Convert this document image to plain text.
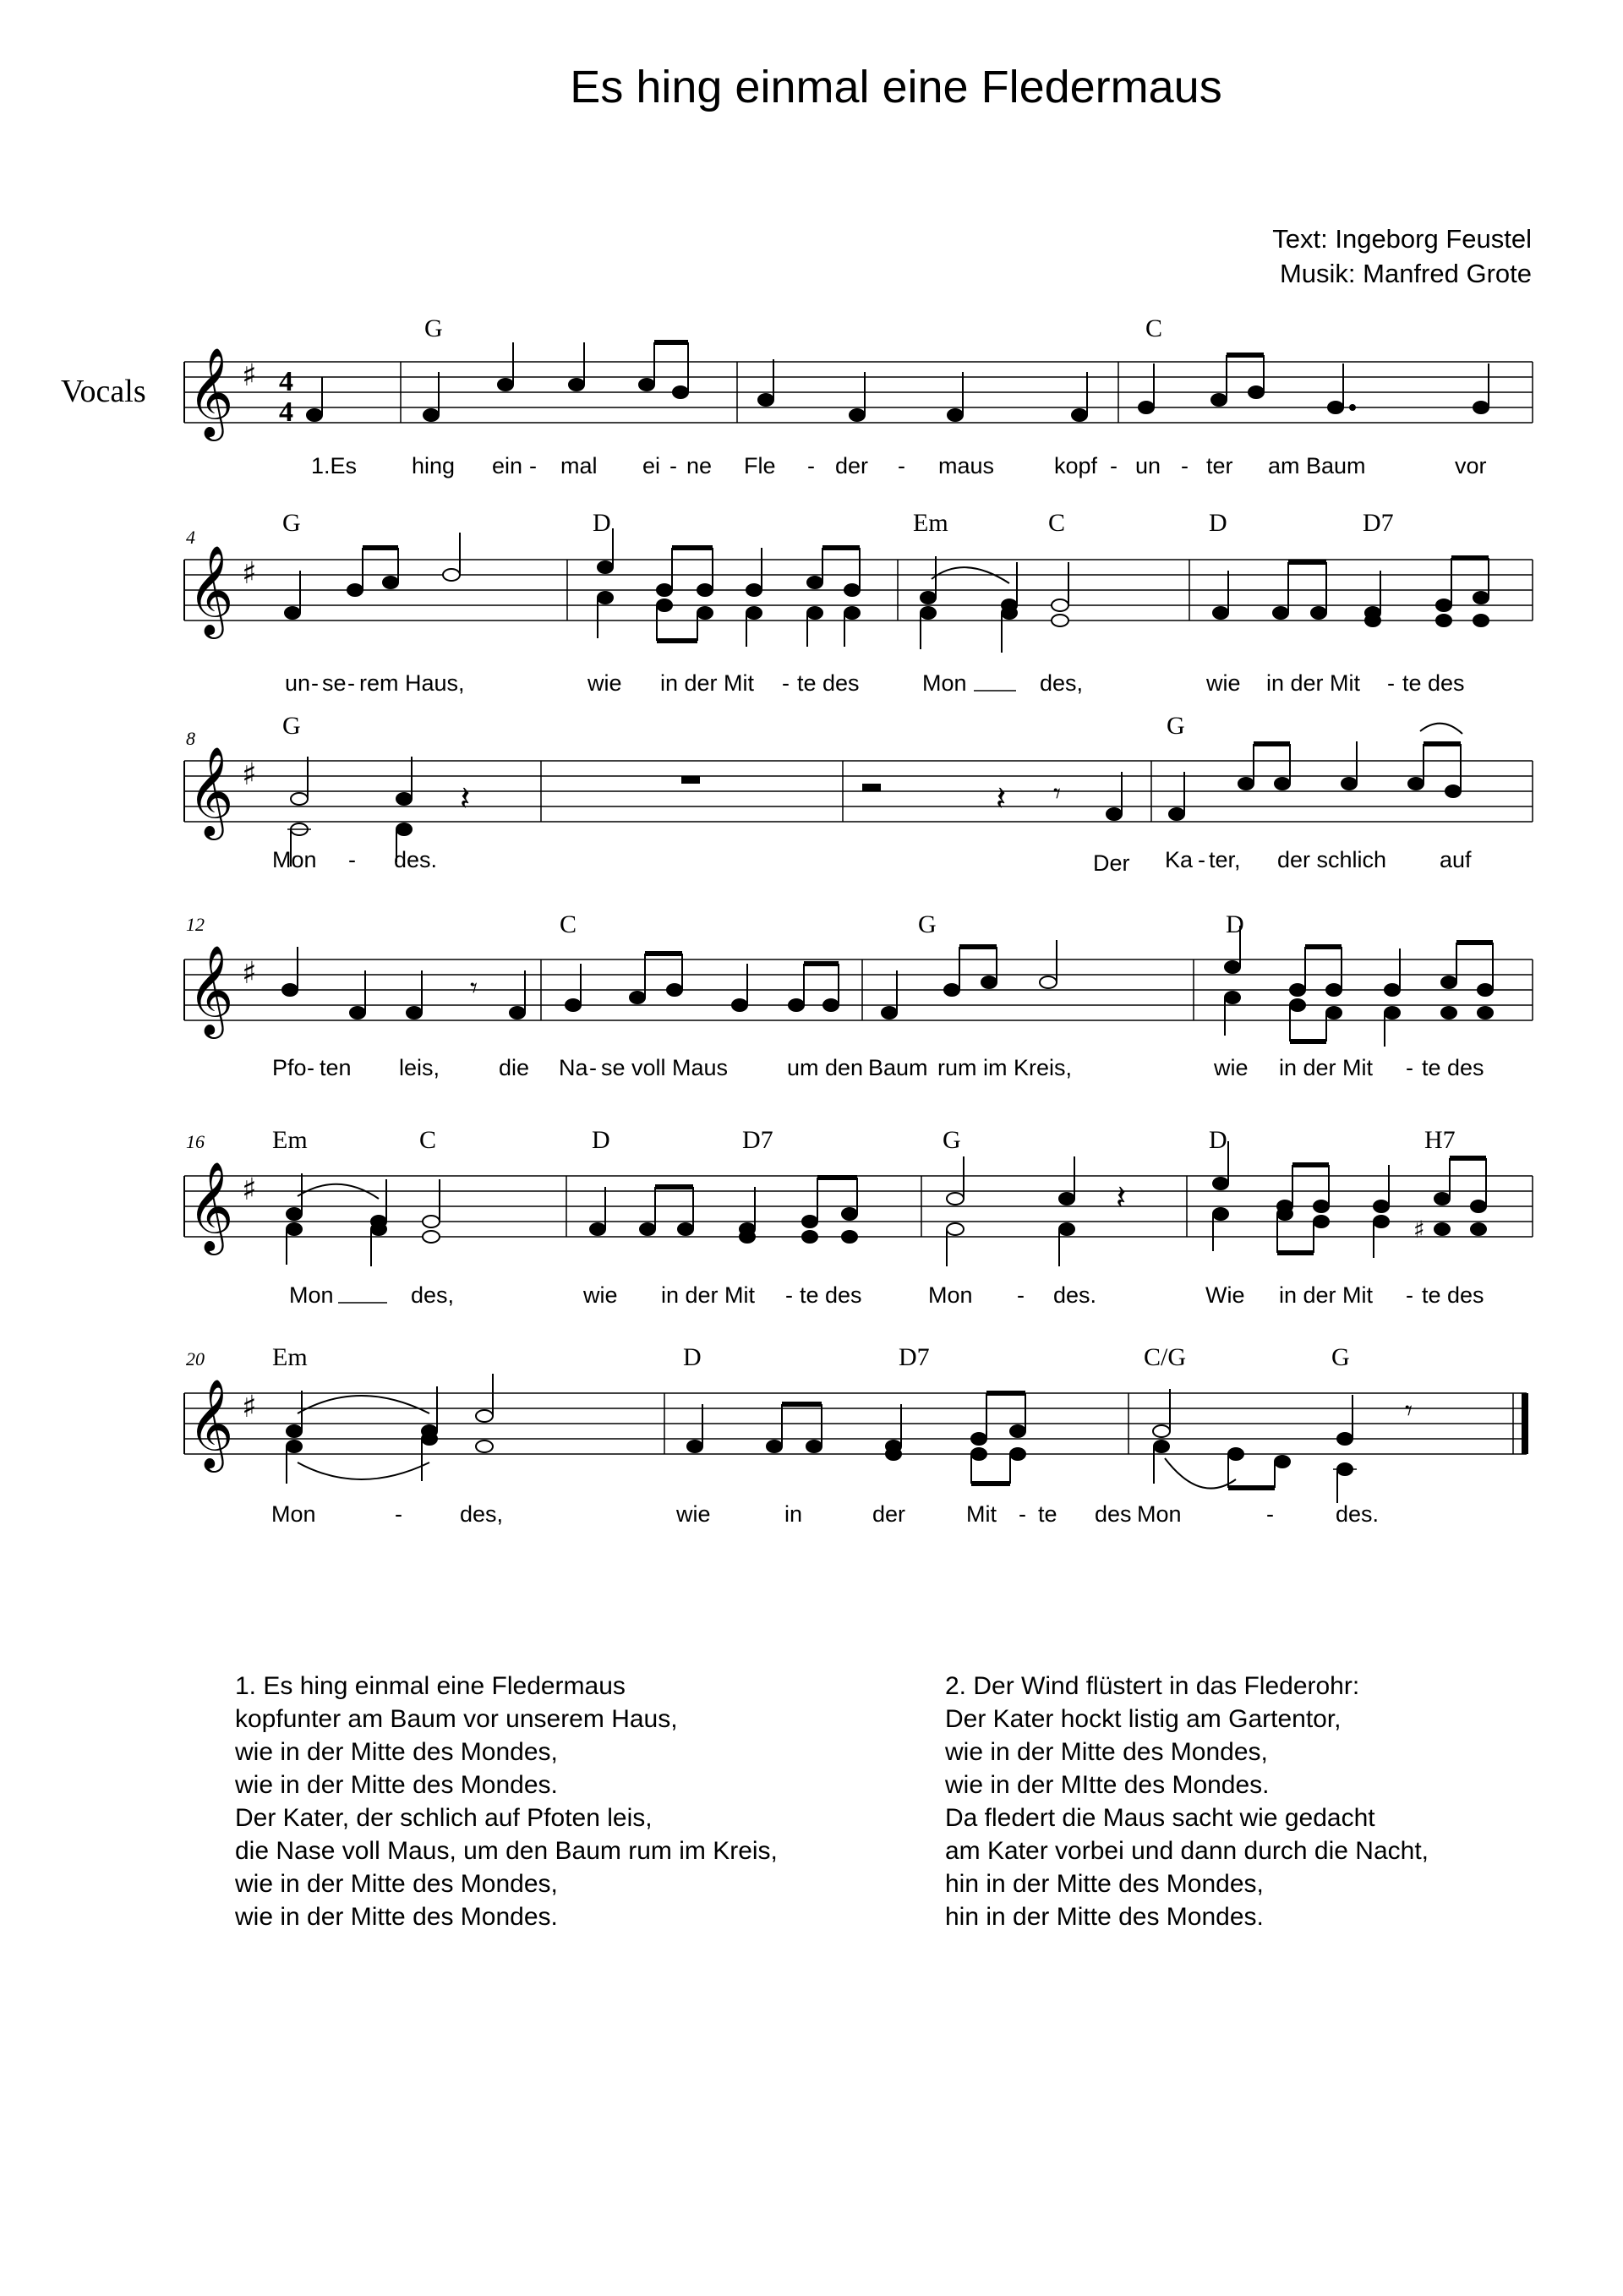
Es hing einmal eine Fledermaus
Text: Ingeborg Feustel
Musik: Manfred Grote
Vocals 𝄞 ♯ 4
4
G	C
1.Es hing ein - mal ei - ne Fle - der - maus	kopf - un - ter am Baum	vor
𝄞 ♯
4
G	D	Em	C	D	D7
un - se - rem Haus,	wie in der Mit - te des	Mon	des,	wie in der Mit - te des
𝄞 ♯
8
𝄽	𝄽 𝄾
G	G
Mon - des.	Der Ka - ter, der schlich auf
𝄞 ♯
12
𝄾
C	G	D
Pfo - ten leis,	die Na - se voll Maus	um den Baum rum im Kreis,	wie in der Mit - te des
𝄞 ♯
16
𝄽
♯
Em	C	D	D7	G	D	H7
Mon	des,	wie in der Mit - te des	Mon - des.	Wie in der Mit - te des
𝄞 ♯
20
𝄾
Em	D	D7	C/G	G
Mon	-	des,	wie	in	der	Mit - te des Mon	-	des.
1. Es hing einmal eine Fledermaus
kopfunter am Baum vor unserem Haus,
wie in der Mitte des Mondes,
wie in der Mitte des Mondes.
Der Kater, der schlich auf Pfoten leis,
die Nase voll Maus, um den Baum rum im Kreis,
wie in der Mitte des Mondes,
wie in der Mitte des Mondes.
2. Der Wind flüstert in das Flederohr:
Der Kater hockt listig am Gartentor,
wie in der Mitte des Mondes,
wie in der MItte des Mondes.
Da fledert die Maus sacht wie gedacht
am Kater vorbei und dann durch die Nacht,
hin in der Mitte des Mondes,
hin in der Mitte des Mondes.
